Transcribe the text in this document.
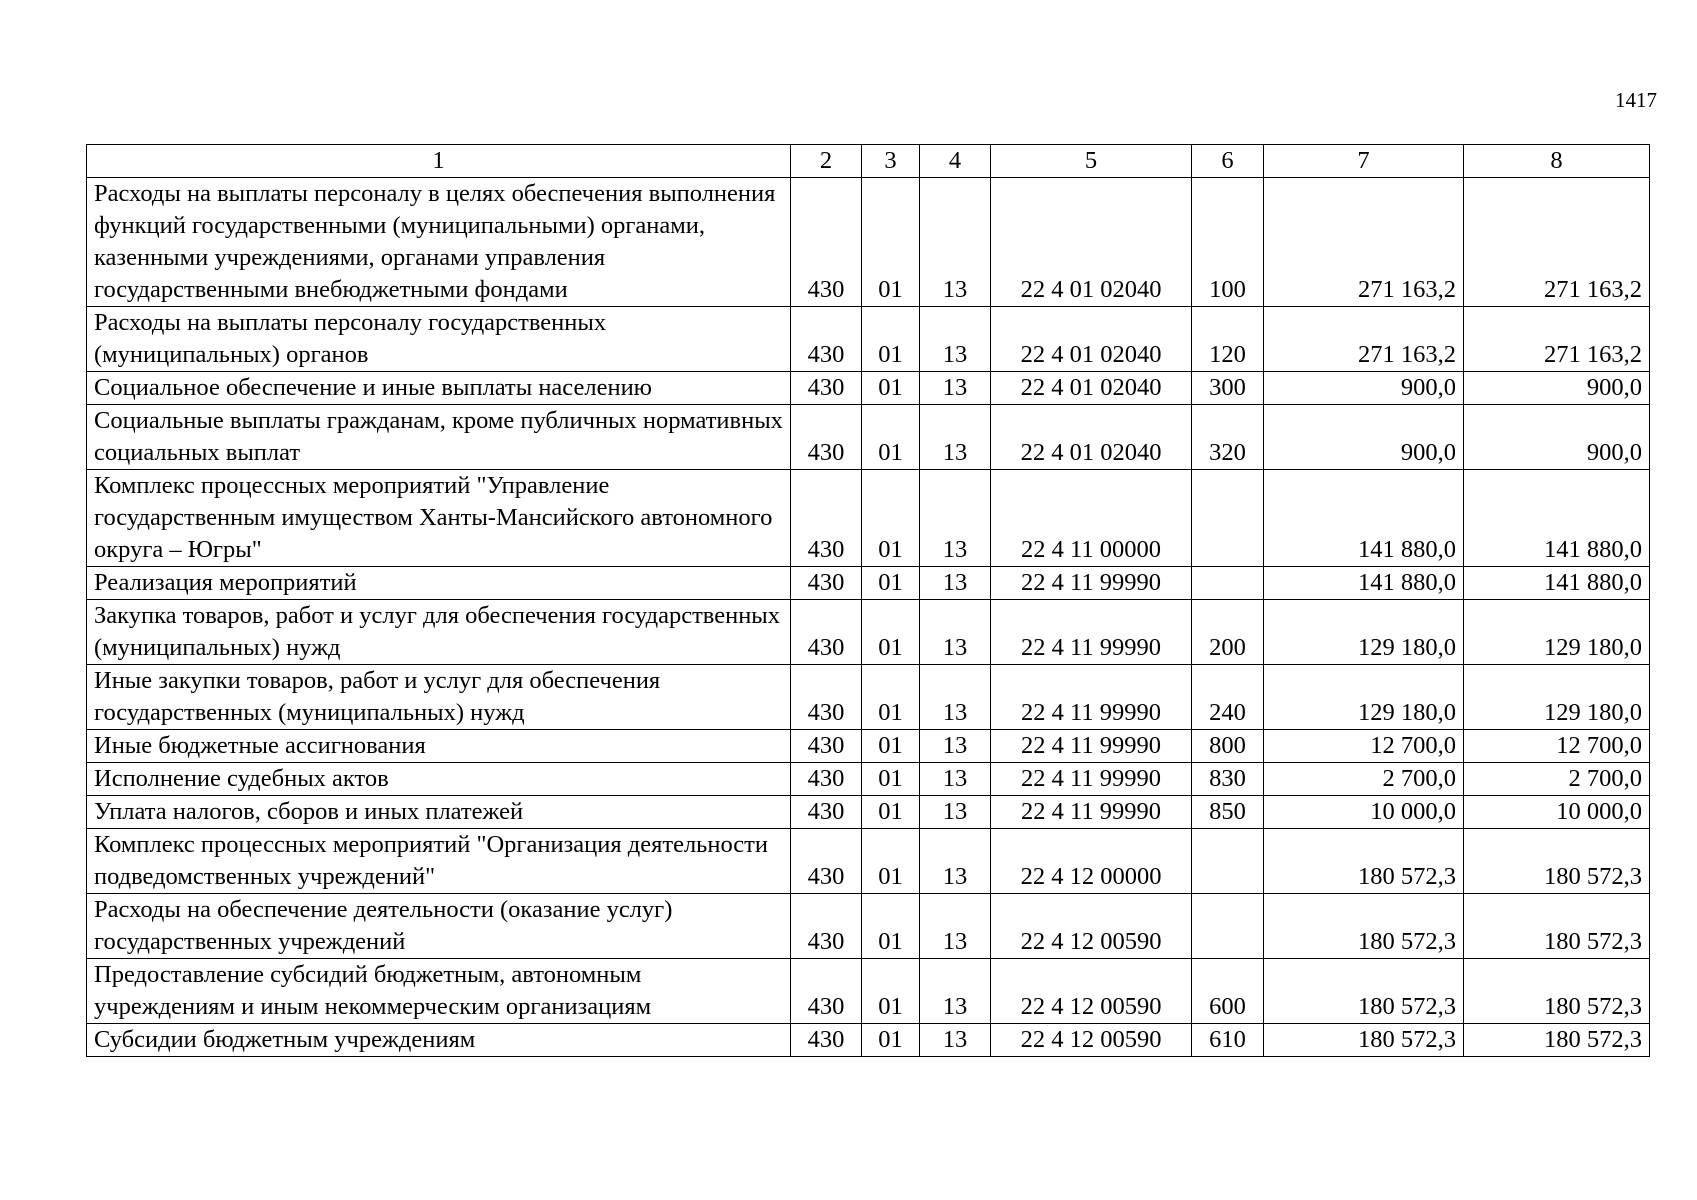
1417
1	2	3	4	5	6	7	8
Расходы на выплаты персоналу в целях обеспечения выполнения функций государственными (муниципальными) органами, казенными учреждениями, органами управления государственными внебюджетными фондами	430	01	13	22 4 01 02040	100	271 163,2	271 163,2
Расходы на выплаты персоналу государственных (муниципальных) органов	430	01	13	22 4 01 02040	120	271 163,2	271 163,2
Социальное обеспечение и иные выплаты населению	430	01	13	22 4 01 02040	300	900,0	900,0
Социальные выплаты гражданам, кроме публичных нормативных социальных выплат	430	01	13	22 4 01 02040	320	900,0	900,0
Комплекс процессных мероприятий "Управление государственным имуществом Ханты-Мансийского автономного округа – Югры"	430	01	13	22 4 11 00000		141 880,0	141 880,0
Реализация мероприятий	430	01	13	22 4 11 99990		141 880,0	141 880,0
Закупка товаров, работ и услуг для обеспечения государственных (муниципальных) нужд	430	01	13	22 4 11 99990	200	129 180,0	129 180,0
Иные закупки товаров, работ и услуг для обеспечения государственных (муниципальных) нужд	430	01	13	22 4 11 99990	240	129 180,0	129 180,0
Иные бюджетные ассигнования	430	01	13	22 4 11 99990	800	12 700,0	12 700,0
Исполнение судебных актов	430	01	13	22 4 11 99990	830	2 700,0	2 700,0
Уплата налогов, сборов и иных платежей	430	01	13	22 4 11 99990	850	10 000,0	10 000,0
Комплекс процессных мероприятий "Организация деятельности подведомственных учреждений"	430	01	13	22 4 12 00000		180 572,3	180 572,3
Расходы на обеспечение деятельности (оказание услуг) государственных учреждений	430	01	13	22 4 12 00590		180 572,3	180 572,3
Предоставление субсидий бюджетным, автономным учреждениям и иным некоммерческим организациям	430	01	13	22 4 12 00590	600	180 572,3	180 572,3
Субсидии бюджетным учреждениям	430	01	13	22 4 12 00590	610	180 572,3	180 572,3
